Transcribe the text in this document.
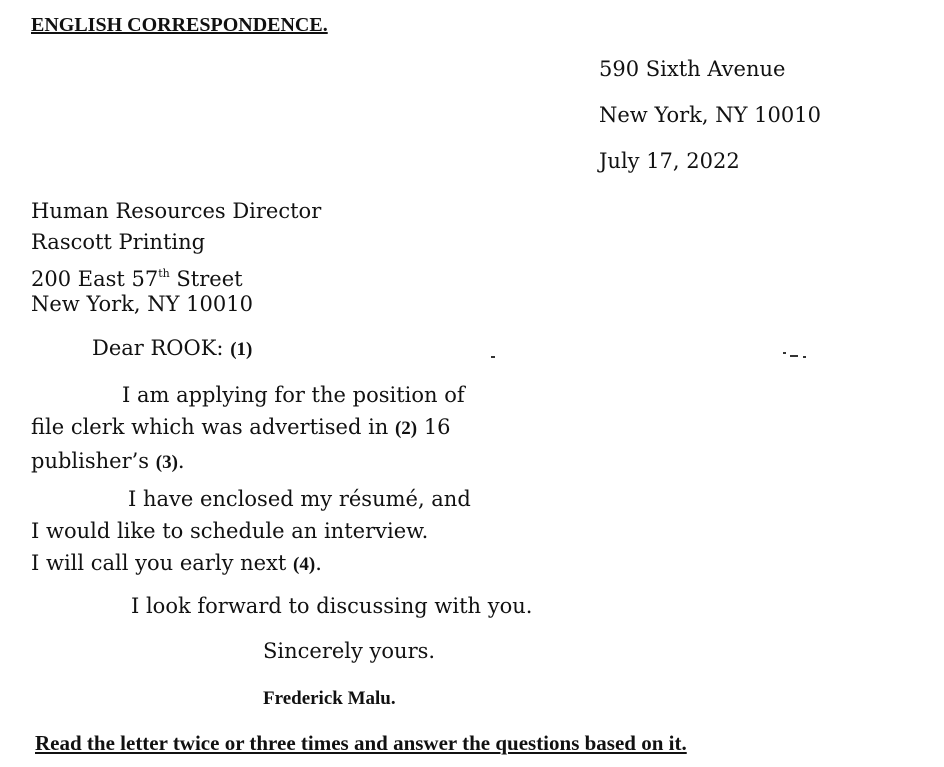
ENGLISH CORRESPONDENCE.
590 Sixth Avenue
New York, NY 10010
July 17, 2022
Human Resources Director
Rascott Printing
200 East 57th Street
New York, NY 10010
Dear ROOK: (1)
I am applying for the position of
file clerk which was advertised in (2) 16
publisher’s (3).
I have enclosed my résumé, and
I would like to schedule an interview.
I will call you early next (4).
I look forward to discussing with you.
Sincerely yours.
Frederick Malu.
Read the letter twice or three times and answer the questions based on it.
